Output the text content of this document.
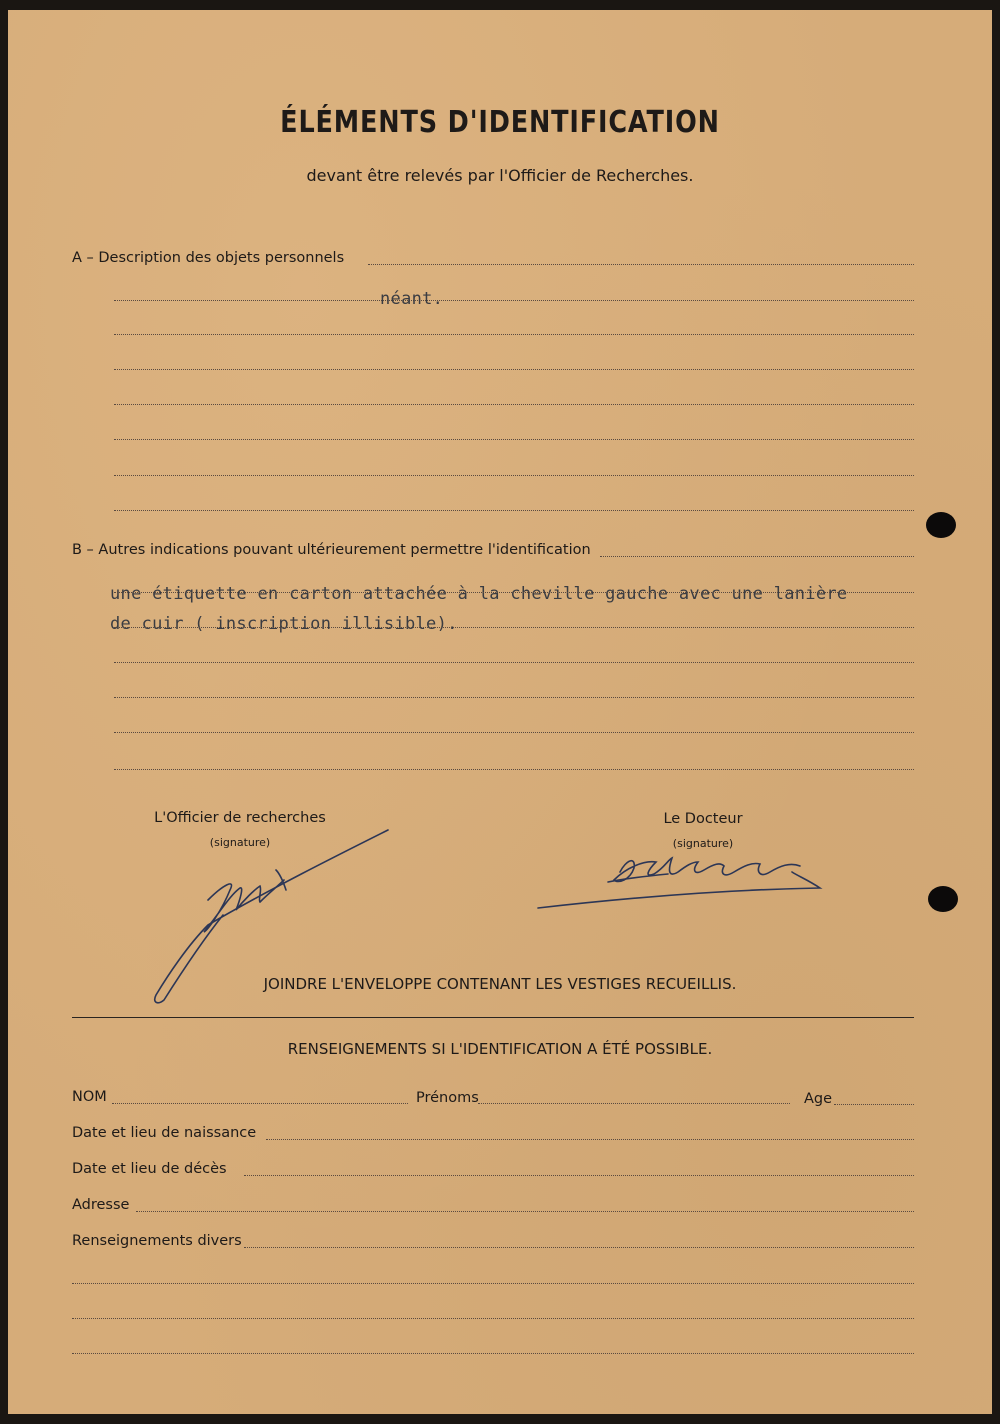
ÉLÉMENTS D'IDENTIFICATION
devant être relevés par l'Officier de Recherches.
A – Description des objets personnels
néant.
B – Autres indications pouvant ultérieurement permettre l'identification
une étiquette en carton attachée à la cheville gauche avec une lanière
de cuir ( inscription illisible).
L'Officier de recherches
(signature)
Le Docteur
(signature)
JOINDRE L'ENVELOPPE CONTENANT LES VESTIGES RECUEILLIS.
RENSEIGNEMENTS SI L'IDENTIFICATION A ÉTÉ POSSIBLE.
NOM	Prénoms	Age
Date et lieu de naissance
Date et lieu de décès
Adresse
Renseignements divers
